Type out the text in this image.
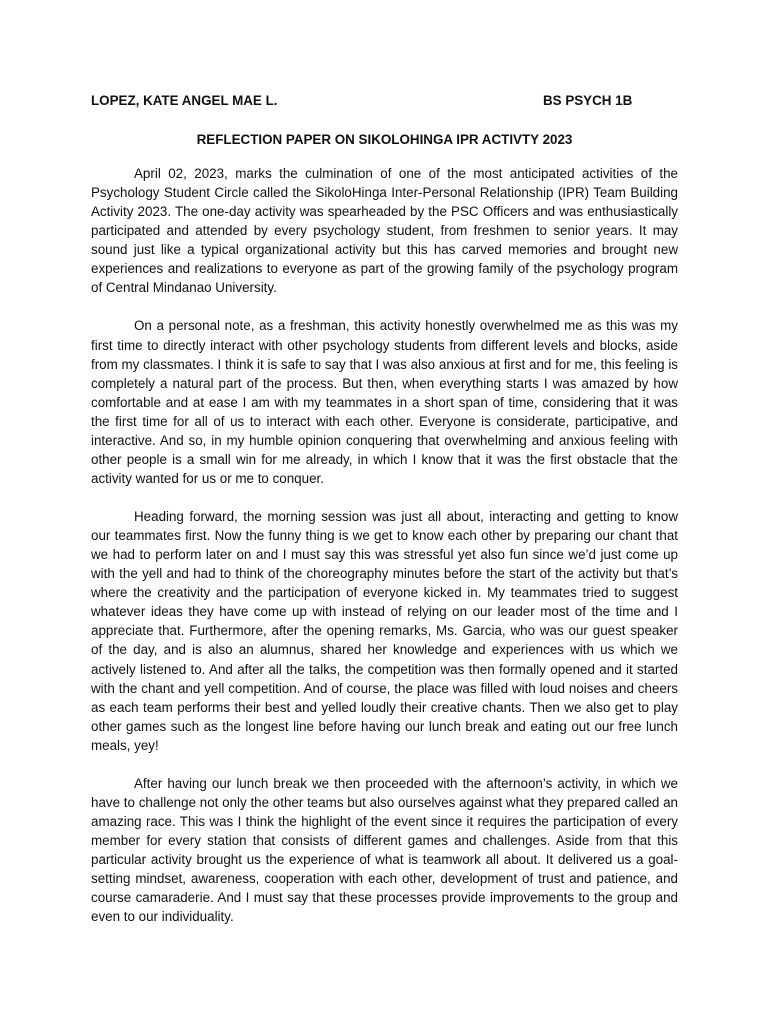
LOPEZ, KATE ANGEL MAE L.	BS PSYCH 1B
REFLECTION PAPER ON SIKOLOHINGA IPR ACTIVTY 2023

April 02, 2023, marks the culmination of one of the most anticipated activities of the Psychology Student Circle called the SikoloHinga Inter-Personal Relationship (IPR) Team Building Activity 2023. The one-day activity was spearheaded by the PSC Officers and was enthusiastically participated and attended by every psychology student, from freshmen to senior years. It may sound just like a typical organizational activity but this has carved memories and brought new experiences and realizations to everyone as part of the growing family of the psychology program of Central Mindanao University.

On a personal note, as a freshman, this activity honestly overwhelmed me as this was my first time to directly interact with other psychology students from different levels and blocks, aside from my classmates. I think it is safe to say that I was also anxious at first and for me, this feeling is completely a natural part of the process. But then, when everything starts I was amazed by how comfortable and at ease I am with my teammates in a short span of time, considering that it was the first time for all of us to interact with each other. Everyone is considerate, participative, and interactive. And so, in my humble opinion conquering that overwhelming and anxious feeling with other people is a small win for me already, in which I know that it was the first obstacle that the activity wanted for us or me to conquer.

Heading forward, the morning session was just all about, interacting and getting to know our teammates first. Now the funny thing is we get to know each other by preparing our chant that we had to perform later on and I must say this was stressful yet also fun since we’d just come up with the yell and had to think of the choreography minutes before the start of the activity but that’s where the creativity and the participation of everyone kicked in. My teammates tried to suggest whatever ideas they have come up with instead of relying on our leader most of the time and I appreciate that. Furthermore, after the opening remarks, Ms. Garcia, who was our guest speaker of the day, and is also an alumnus, shared her knowledge and experiences with us which we actively listened to. And after all the talks, the competition was then formally opened and it started with the chant and yell competition. And of course, the place was filled with loud noises and cheers as each team performs their best and yelled loudly their creative chants. Then we also get to play other games such as the longest line before having our lunch break and eating out our free lunch meals, yey!

After having our lunch break we then proceeded with the afternoon’s activity, in which we have to challenge not only the other teams but also ourselves against what they prepared called an amazing race. This was I think the highlight of the event since it requires the participation of every member for every station that consists of different games and challenges. Aside from that this particular activity brought us the experience of what is teamwork all about. It delivered us a goal-setting mindset, awareness, cooperation with each other, development of trust and patience, and course camaraderie. And I must say that these processes provide improvements to the group and even to our individuality.
